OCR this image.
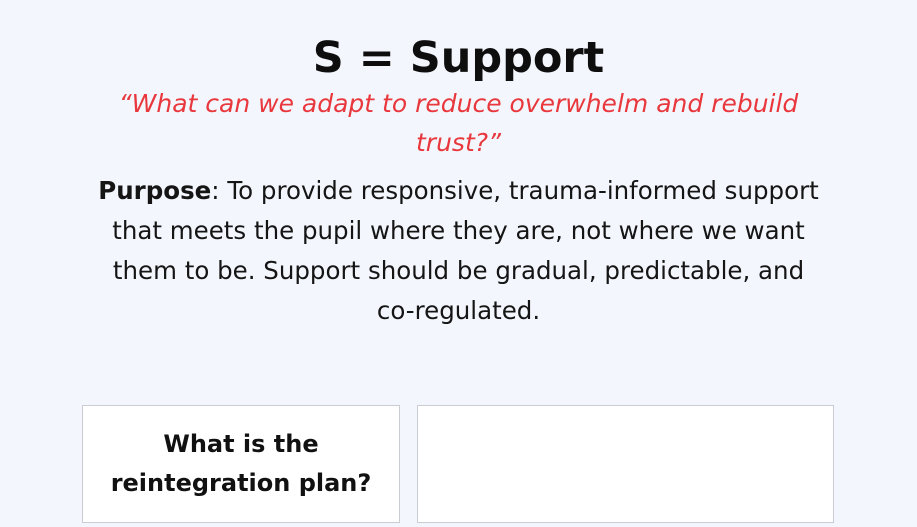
S = Support
“What can we adapt to reduce overwhelm and rebuild trust?”
Purpose: To provide responsive, trauma-informed support that meets the pupil where they are, not where we want them to be. Support should be gradual, predictable, and co-regulated.
What is the reintegration plan?
